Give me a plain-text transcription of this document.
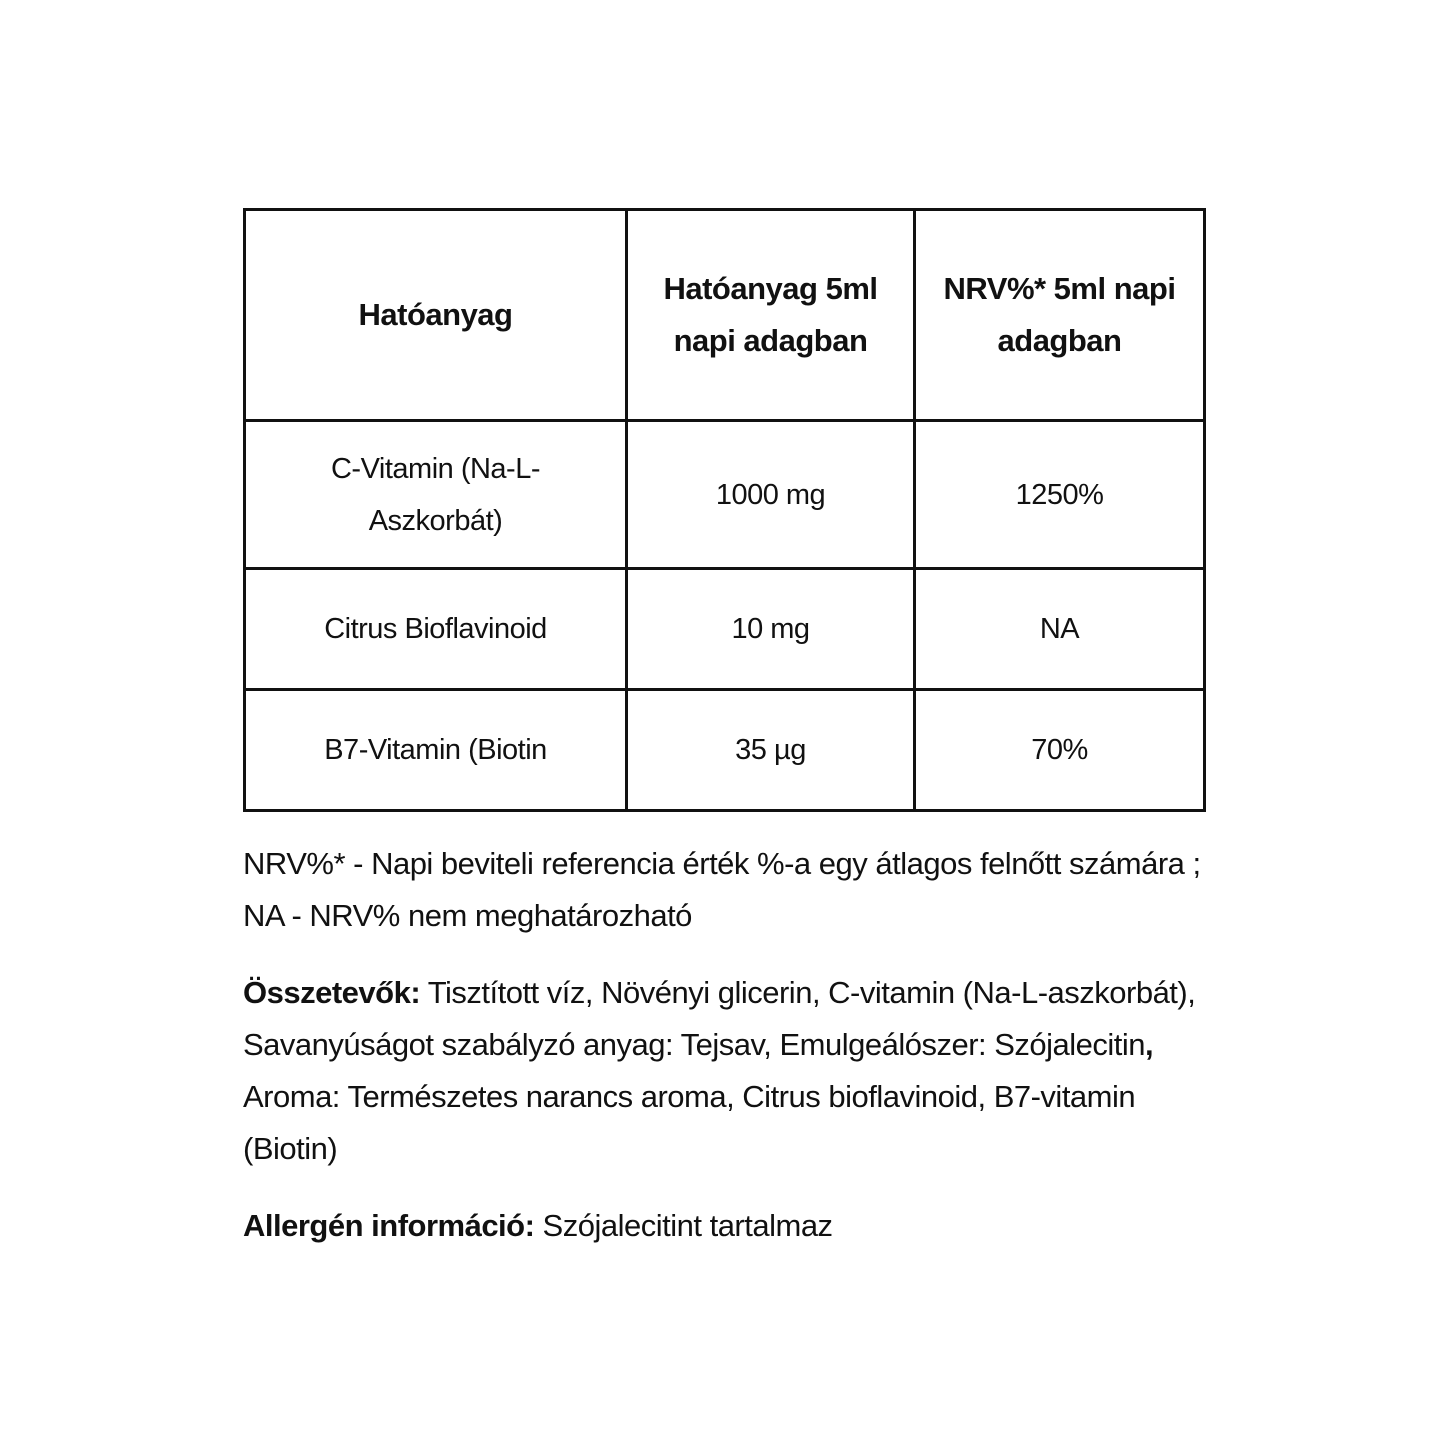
Hatóanyag	Hatóanyag 5ml napi adagban	NRV%* 5ml napi adagban
C-Vitamin (Na-L-Aszkorbát)	1000 mg	1250%
Citrus Bioflavinoid	10 mg	NA
B7-Vitamin (Biotin	35 µg	70%

NRV%* - Napi beviteli referencia érték %-a egy átlagos felnőtt számára ; NA - NRV% nem meghatározható

Összetevők: Tisztított víz, Növényi glicerin, C-vitamin (Na-L-aszkorbát), Savanyúságot szabályzó anyag: Tejsav, Emulgeálószer: Szójalecitin, Aroma: Természetes narancs aroma, Citrus bioflavinoid, B7-vitamin (Biotin)

Allergén információ: Szójalecitint tartalmaz
